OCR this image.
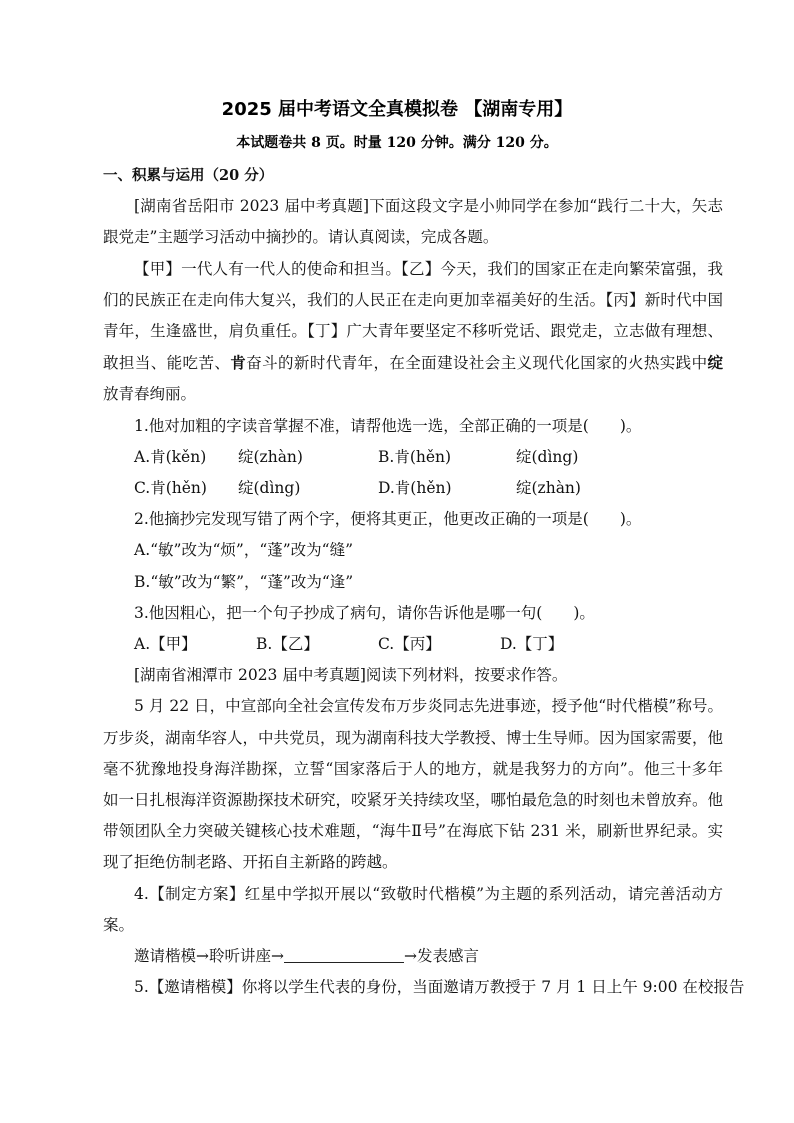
2025 届中考语文全真模拟卷 【湖南专用】
本试题卷共 8 页。时量 120 分钟。满分 120 分。

一、积累与运用（20 分）

[湖南省岳阳市 2023 届中考真题]下面这段文字是小帅同学在参加“践行二十大，矢志跟党走”主题学习活动中摘抄的。请认真阅读，完成各题。

【甲】一代人有一代人的使命和担当。【乙】今天，我们的国家正在走向繁荣富强，我们的民族正在走向伟大复兴，我们的人民正在走向更加幸福美好的生活。【丙】新时代中国青年，生逢盛世，肩负重任。【丁】广大青年要坚定不移听党话、跟党走，立志做有理想、敢担当、能吃苦、肯奋斗的新时代青年，在全面建设社会主义现代化国家的火热实践中绽放青春绚丽。

1.他对加粗的字读音掌握不准，请帮他选一选，全部正确的一项是(　　)。

A.肯(kěn)	绽(zhàn)	B.肯(hěn)	绽(dìng)
C.肯(hěn)	绽(dìng)	D.肯(hěn)	绽(zhàn)

2.他摘抄完发现写错了两个字，便将其更正，他更改正确的一项是(　　)。

A.“敏”改为“烦”，“蓬”改为“缝”

B.“敏”改为“繁”，“蓬”改为“逢”

3.他因粗心，把一个句子抄成了病句，请你告诉他是哪一句(　　)。

A.【甲】	B.【乙】	C.【丙】	D.【丁】

[湖南省湘潭市 2023 届中考真题]阅读下列材料，按要求作答。

5 月 22 日，中宣部向全社会宣传发布万步炎同志先进事迹，授予他“时代楷模”称号。万步炎，湖南华容人，中共党员，现为湖南科技大学教授、博士生导师。因为国家需要，他毫不犹豫地投身海洋勘探，立誓“国家落后于人的地方，就是我努力的方向”。他三十多年如一日扎根海洋资源勘探技术研究，咬紧牙关持续攻坚，哪怕最危急的时刻也未曾放弃。他带领团队全力突破关键核心技术难题，“海牛Ⅱ号”在海底下钻 231 米，刷新世界纪录。实现了拒绝仿制老路、开拓自主新路的跨越。

4.【制定方案】红星中学拟开展以“致敬时代楷模”为主题的系列活动，请完善活动方案。

邀请楷模→聆听讲座→	→发表感言

5.【邀请楷模】你将以学生代表的身份，当面邀请万教授于 7 月 1 日上午 9:00 在校报告
